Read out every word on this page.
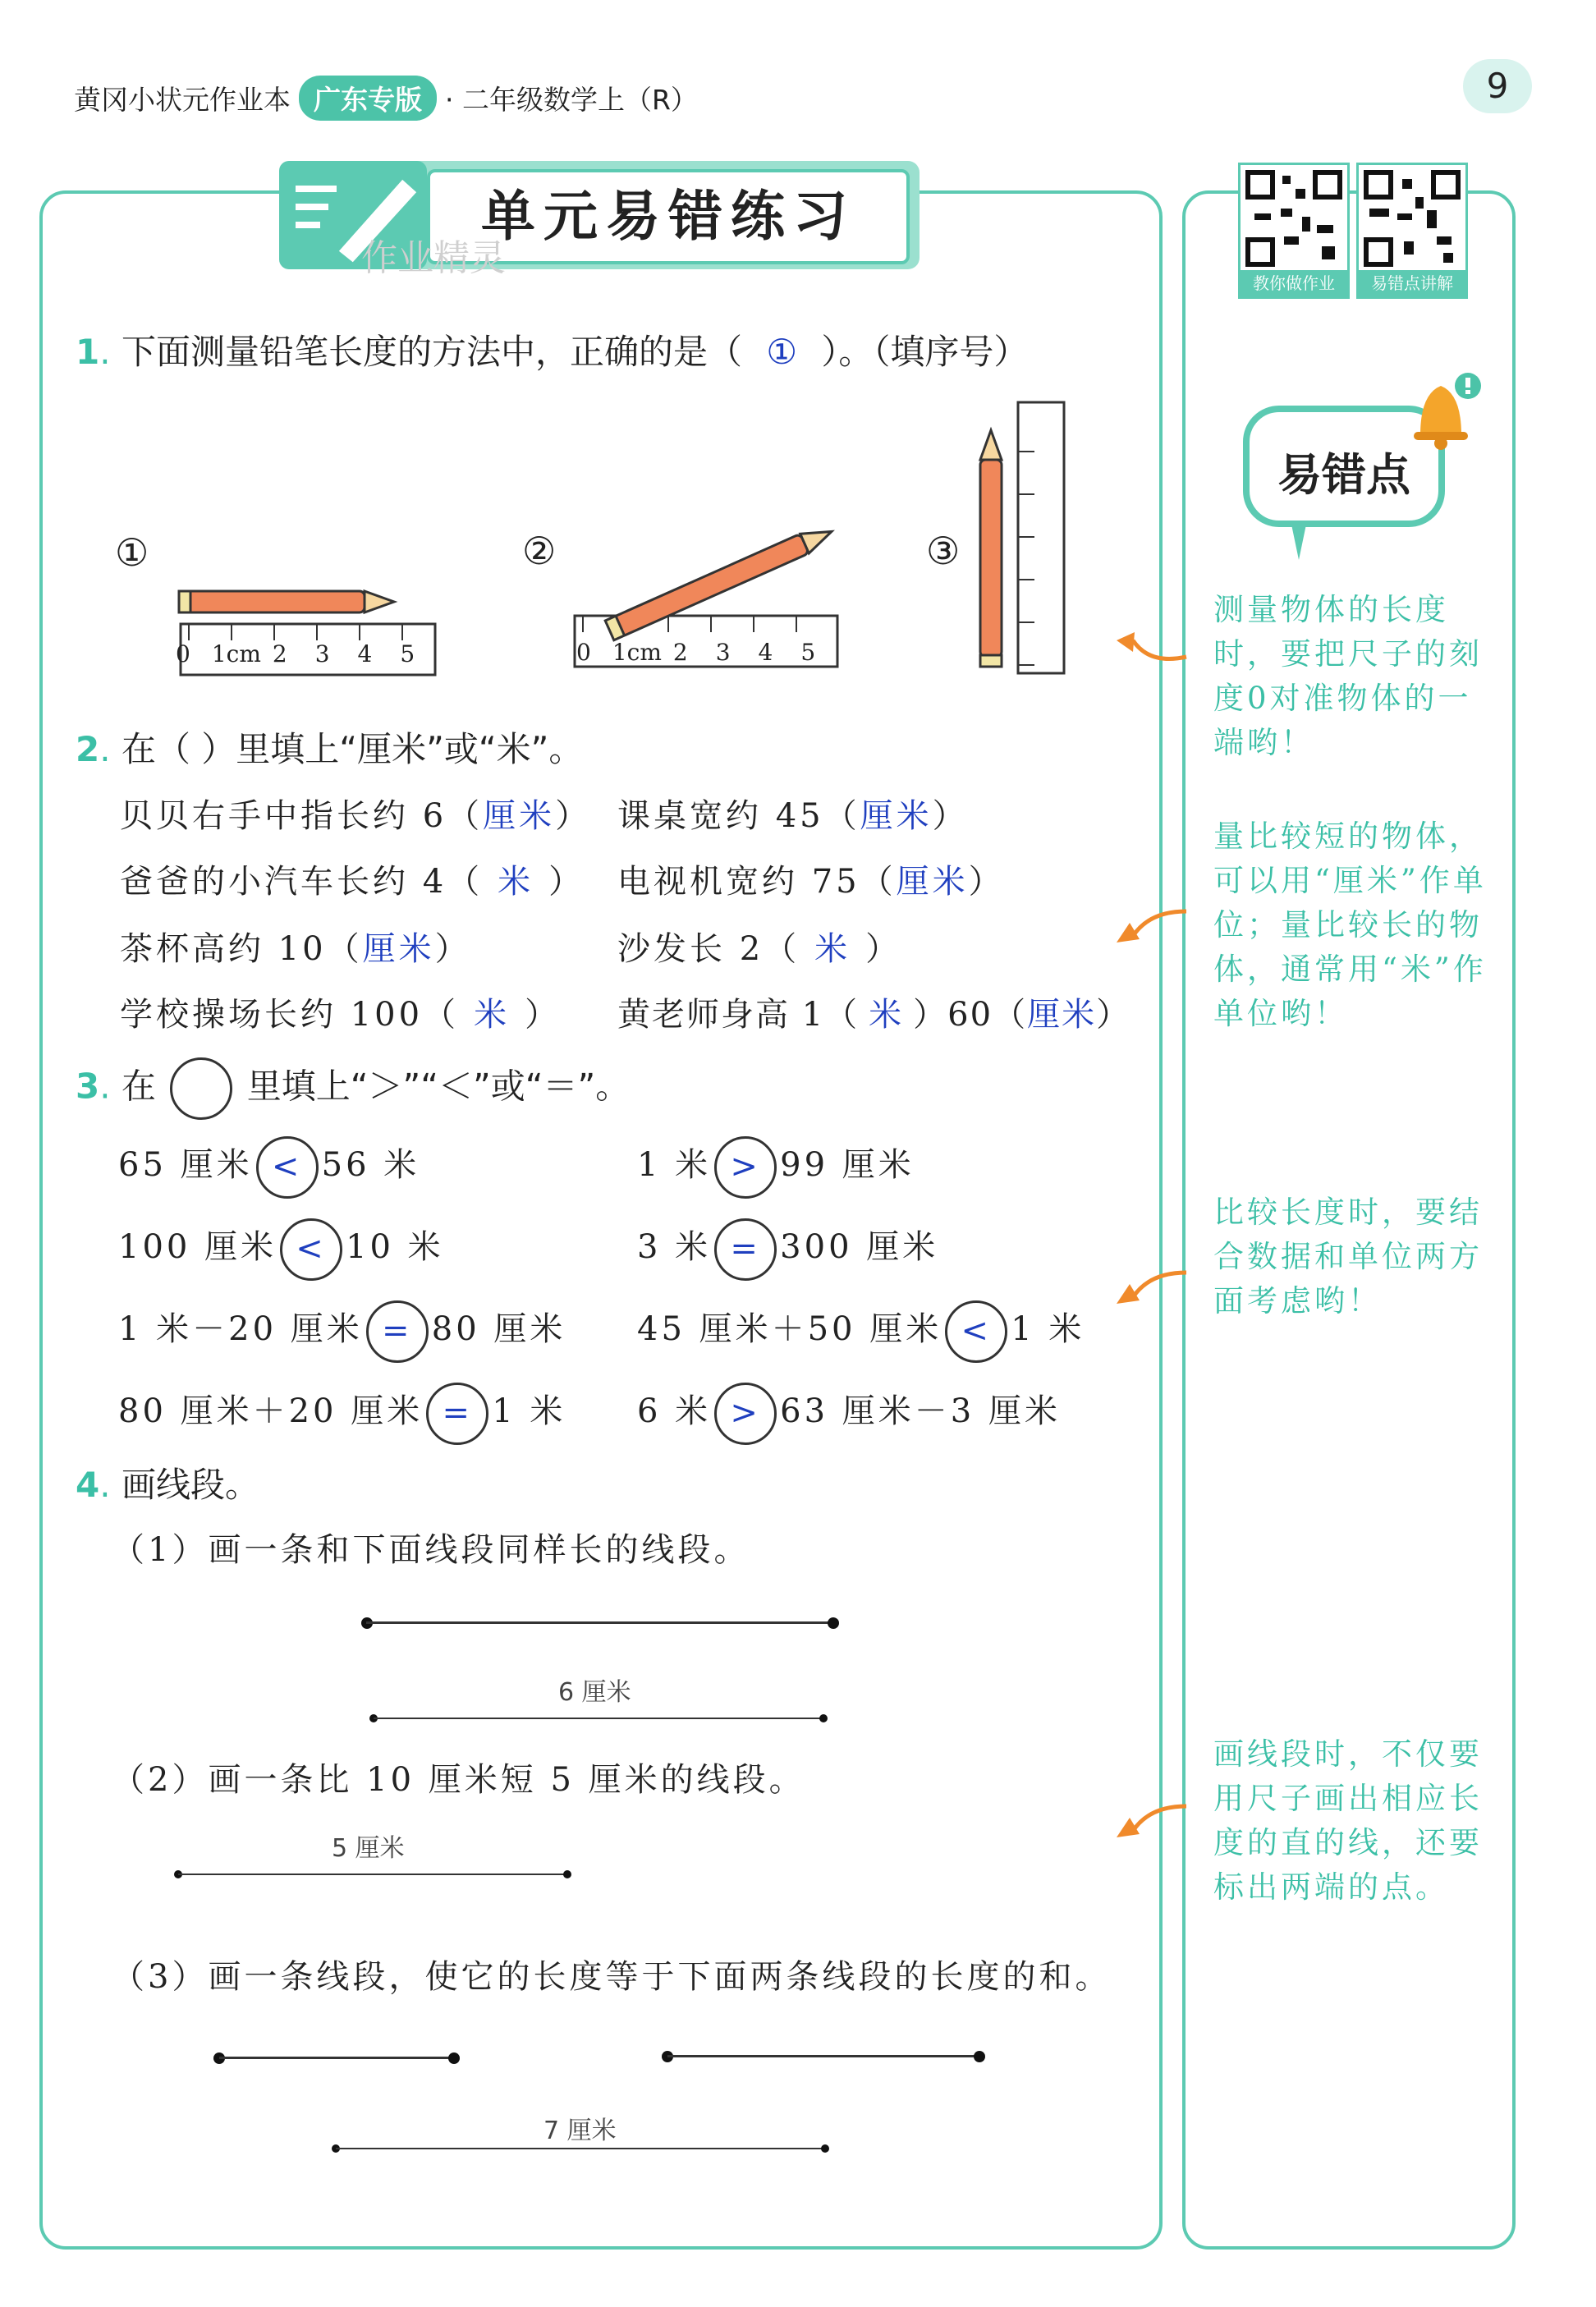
黄冈小状元作业本 广东专版 · 二年级数学上（R）	9
单元易错练习
作业精灵
教你做作业	易错点讲解
易错点
测量物体的长度时，要把尺子的刻度0对准物体的一端哟！
量比较短的物体，可以用“厘米”作单位；量比较长的物体，通常用“米”作单位哟！
比较长度时，要结合数据和单位两方面考虑哟！
画线段时，不仅要用尺子画出相应长度的直的线，还要标出两端的点。
1. 下面测量铅笔长度的方法中，正确的是（ ① ）。（填序号）
①	②	③
0 1cm 2 3 4 5	0 1cm 2 3 4 5
2. 在（ ）里填上“厘米”或“米”。
贝贝右手中指长约 6（厘米） 课桌宽约 45（厘米）
爸爸的小汽车长约 4（ 米 ） 电视机宽约 75（厘米）
茶杯高约 10（厘米）	沙发长 2（ 米 ）
学校操场长约 100（ 米 ） 黄老师身高 1（ 米 ）60（厘米）
3. 在	里填上“＞”“＜”或“＝”。
65 厘米 < 56 米	1 米 > 99 厘米
100 厘米 < 10 米	3 米 = 300 厘米
1 米－20 厘米 = 80 厘米 45 厘米＋50 厘米 < 1 米
80 厘米＋20 厘米 = 1 米 6 米 > 63 厘米－3 厘米
4. 画线段。
（1）画一条和下面线段同样长的线段。
6 厘米
（2）画一条比 10 厘米短 5 厘米的线段。
5 厘米
（3）画一条线段，使它的长度等于下面两条线段的长度的和。
7 厘米
